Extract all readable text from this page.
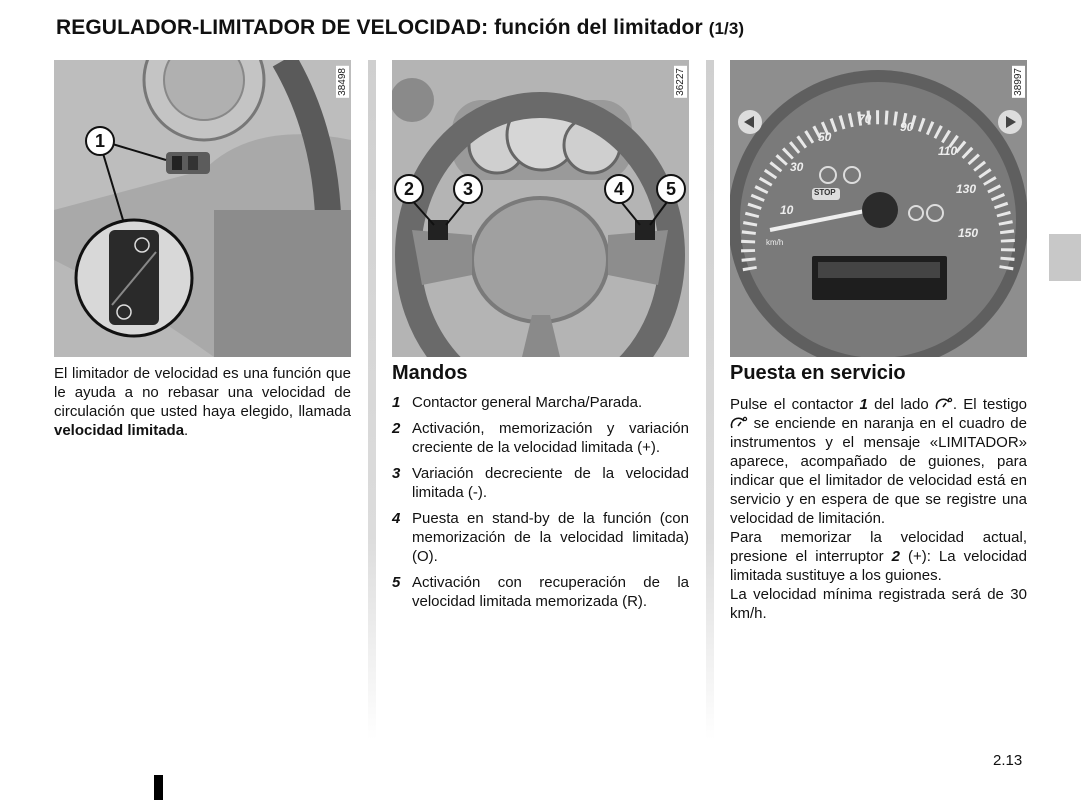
REGULADOR-LIMITADOR DE VELOCIDAD: función del limitador (1/3)
38498
1
36227
2	3	4	5
38997
10
30
50
70
90
110
130
150
km/h
STOP
El limitador de velocidad es una función que le ayuda a no rebasar una velocidad de circulación que usted haya elegido, llamada velocidad limitada.
Mandos
1 Contactor general Marcha/Parada.
2 Activación, memorización y variación creciente de la velocidad limitada (+).
3 Variación decreciente de la velocidad limitada (-).
4 Puesta en stand-by de la función (con memorización de la velocidad limitada) (O).
5 Activación con recuperación de la velocidad limitada memorizada (R).
Puesta en servicio
Pulse el contactor 1 del lado . El testigo  se enciende en naranja en el cuadro de instrumentos y el mensaje «LIMITADOR» aparece, acompañado de guiones, para indicar que el limitador de velocidad está en servicio y en espera de que se registre una velocidad de limitación.
Para memorizar la velocidad actual, presione el interruptor 2 (+): La velocidad limitada sustituye a los guiones.
La velocidad mínima registrada será de 30 km/h.
2.13
